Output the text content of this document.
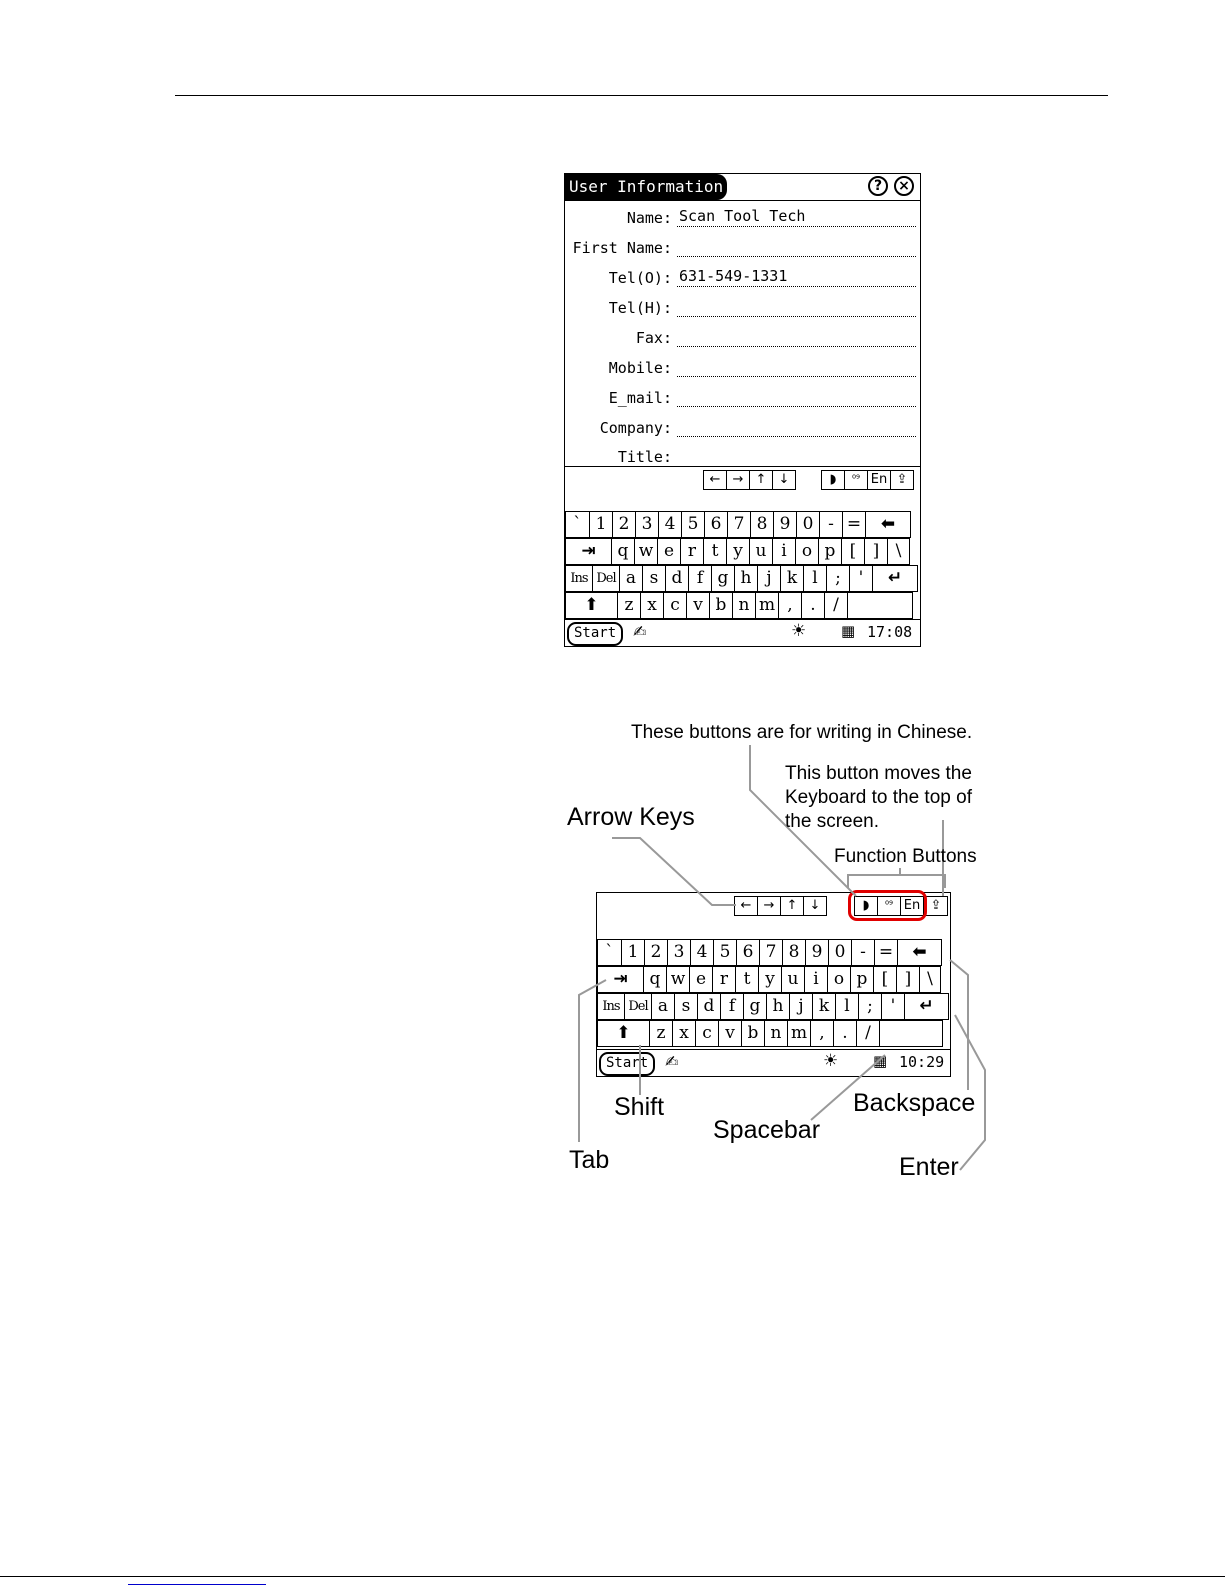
User Information	?	×
Name: Scan Tool Tech
First Name:
Tel(O): 631-549-1331
Tel(H):
Fax:
Mobile:
E_mail:
Company:
Title:
← → ↑ ↓	◗	⁰⁹ En ⇪
` 1 2 3 4 5 6 7 8 9 0 - =	⬅
⇥	q w e r t y u i o p [ ] \
Ins Del a s d f g h j k l	;	'	↵
⬆	z x c v b n m ,	.	/
Start	✍	☀ ▦ 17:08
← → ↑ ↓	◗	⁰⁹ En ⇪
` 1 2 3 4 5 6 7 8 9 0 - =	⬅
⇥	q w e r t y u i o p [ ] \
Ins Del a s d f g h j k l	;	'	↵
⬆	z x c v b n m ,	.	/
Start	✍	☀ ▦ 10:29
These buttons are for writing in Chinese.
This button moves the
Keyboard to the top of
the screen.
Arrow Keys
Function Buttons
Shift
Spacebar
Backspace
Tab	Enter
